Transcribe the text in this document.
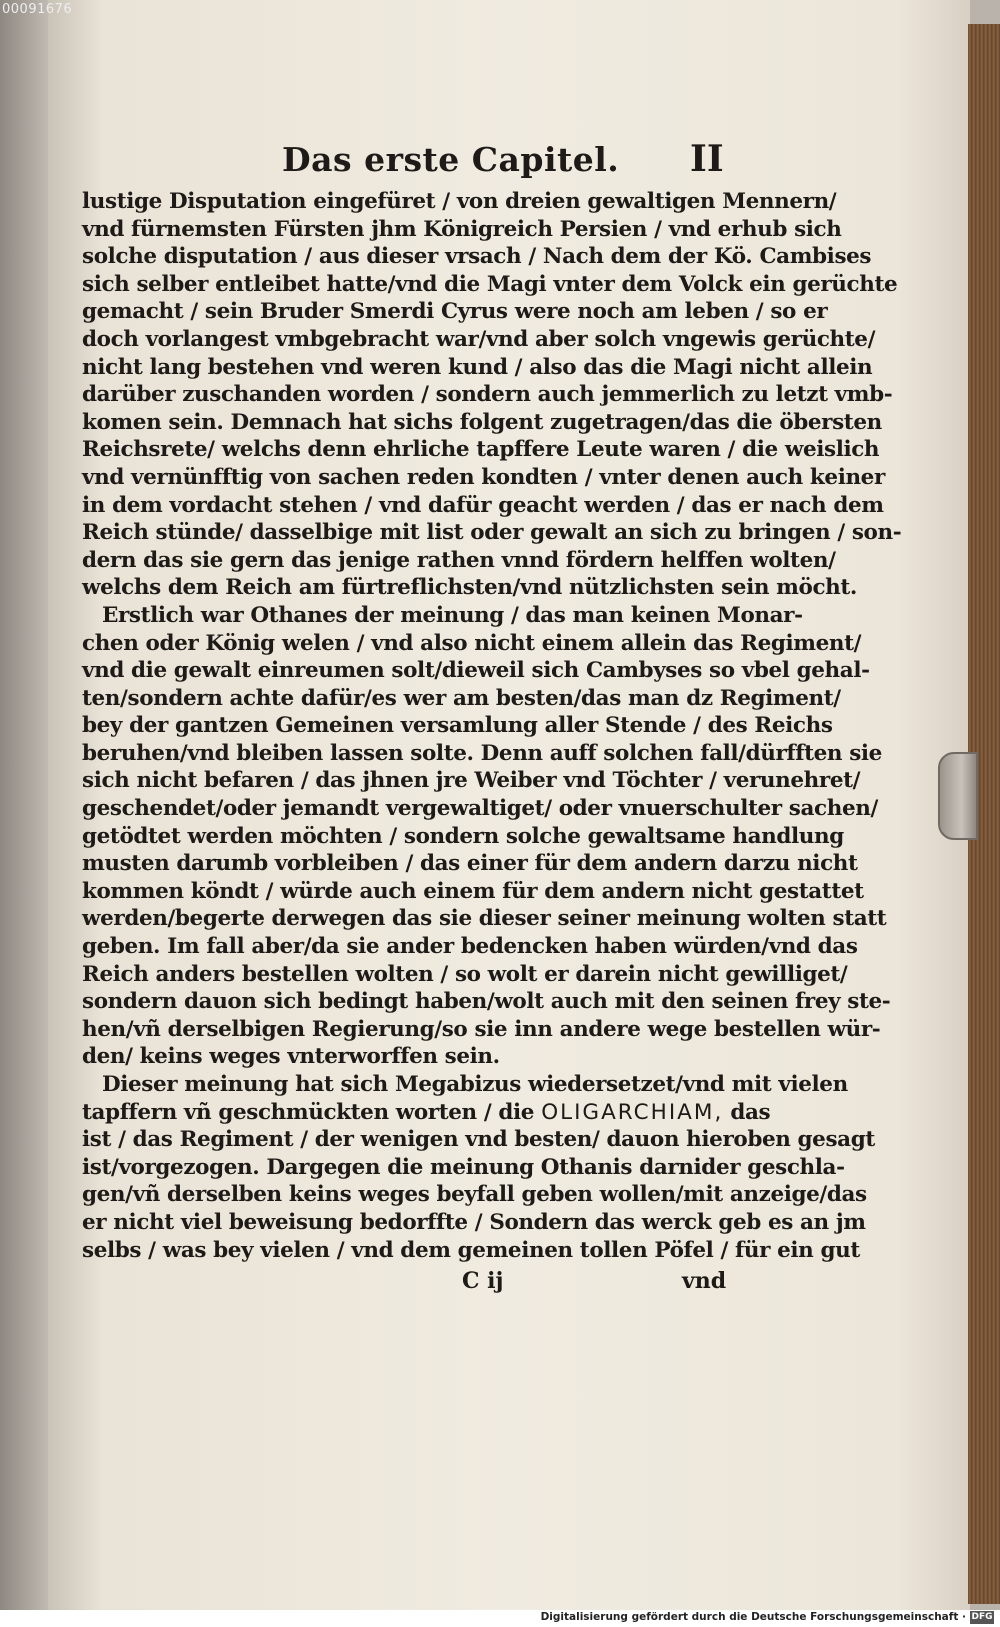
00091676
Das erste Capitel. II
lustige Disputation eingefüret / von dreien gewaltigen Mennern/
vnd fürnemsten Fürsten jhm Königreich Persien / vnd erhub sich
solche disputation / aus dieser vrsach / Nach dem der Kö. Cambises
sich selber entleibet hatte/vnd die Magi vnter dem Volck ein gerüchte
gemacht / sein Bruder Smerdi Cyrus were noch am leben / so er
doch vorlangest vmbgebracht war/vnd aber solch vngewis gerüchte/
nicht lang bestehen vnd weren kund / also das die Magi nicht allein
darüber zuschanden worden / sondern auch jemmerlich zu letzt vmb-
komen sein. Demnach hat sichs folgent zugetragen/das die öbersten
Reichsrete/ welchs denn ehrliche tapffere Leute waren / die weislich
vnd vernünfftig von sachen reden kondten / vnter denen auch keiner
in dem vordacht stehen / vnd dafür geacht werden / das er nach dem
Reich stünde/ dasselbige mit list oder gewalt an sich zu bringen / son-
dern das sie gern das jenige rathen vnnd fördern helffen wolten/
welchs dem Reich am fürtreflichsten/vnd nützlichsten sein möcht.
Erstlich war Othanes der meinung / das man keinen Monar-
chen oder König welen / vnd also nicht einem allein das Regiment/
vnd die gewalt einreumen solt/dieweil sich Cambyses so vbel gehal-
ten/sondern achte dafür/es wer am besten/das man dz Regiment/
bey der gantzen Gemeinen versamlung aller Stende / des Reichs
beruhen/vnd bleiben lassen solte. Denn auff solchen fall/dürfften sie
sich nicht befaren / das jhnen jre Weiber vnd Töchter / verunehret/
geschendet/oder jemandt vergewaltiget/ oder vnuerschulter sachen/
getödtet werden möchten / sondern solche gewaltsame handlung
musten darumb vorbleiben / das einer für dem andern darzu nicht
kommen köndt / würde auch einem für dem andern nicht gestattet
werden/begerte derwegen das sie dieser seiner meinung wolten statt
geben. Im fall aber/da sie ander bedencken haben würden/vnd das
Reich anders bestellen wolten / so wolt er darein nicht gewilliget/
sondern dauon sich bedingt haben/wolt auch mit den seinen frey ste-
hen/vñ derselbigen Regierung/so sie inn andere wege bestellen wür-
den/ keins weges vnterworffen sein.
Dieser meinung hat sich Megabizus wiedersetzet/vnd mit vielen
tapffern vñ geschmückten worten / die OLIGARCHIAM, das
ist / das Regiment / der wenigen vnd besten/ dauon hieroben gesagt
ist/vorgezogen. Dargegen die meinung Othanis darnider geschla-
gen/vñ derselben keins weges beyfall geben wollen/mit anzeige/das
er nicht viel beweisung bedorffte / Sondern das werck geb es an jm
selbs / was bey vielen / vnd dem gemeinen tollen Pöfel / für ein gut
C ij	vnd
Digitalisierung gefördert durch die Deutsche Forschungsgemeinschaft · DFG
